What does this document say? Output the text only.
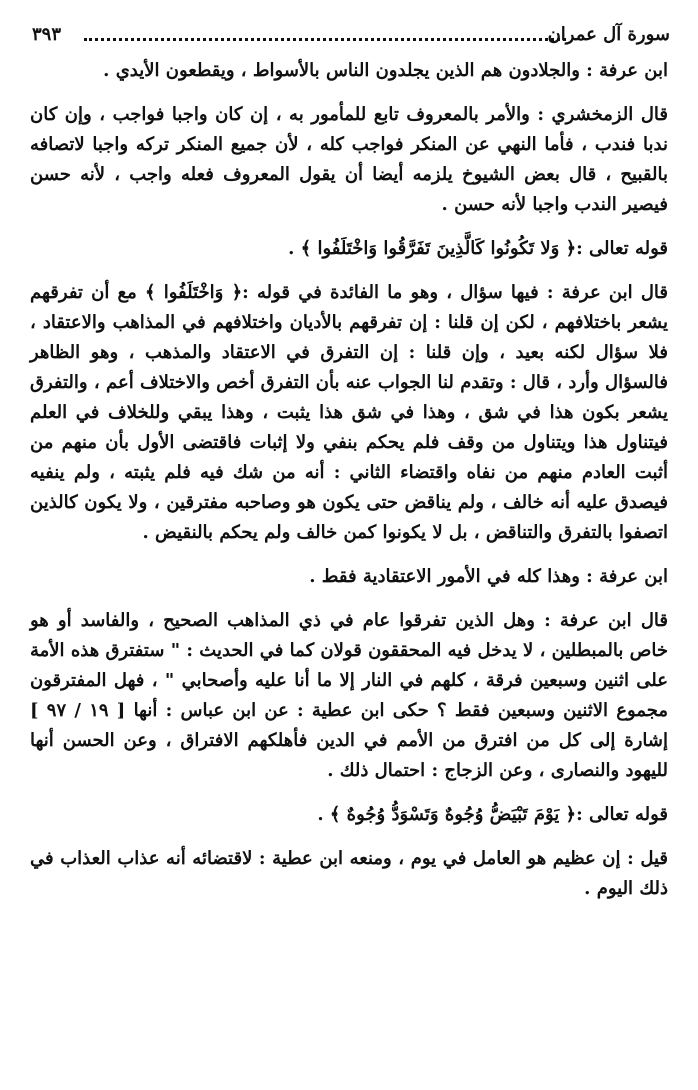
سورة آل عمران
٣٩٣

ابن عرفة : والجلادون هم الذين يجلدون الناس بالأسواط ، ويقطعون الأيدي .

قال الزمخشري : والأمر بالمعروف تابع للمأمور به ، إن كان واجبا فواجب ، وإن كان ندبا فندب ، فأما النهي عن المنكر فواجب كله ، لأن جميع المنكر تركه واجبا لاتصافه بالقبيح ، قال بعض الشيوخ يلزمه أيضا أن يقول المعروف فعله واجب ، لأنه حسن فيصير الندب واجبا لأنه حسن .

قوله تعالى :﴿ وَلا تَكُونُوا كَالَّذِينَ تَفَرَّقُوا وَاخْتَلَفُوا ﴾ .

قال ابن عرفة : فيها سؤال ، وهو ما الفائدة في قوله :﴿ وَاخْتَلَفُوا ﴾ مع أن تفرقهم يشعر باختلافهم ، لكن إن قلنا : إن تفرقهم بالأديان واختلافهم في المذاهب والاعتقاد ، فلا سؤال لكنه بعيد ، وإن قلنا : إن التفرق في الاعتقاد والمذهب ، وهو الظاهر فالسؤال وأرد ، قال : وتقدم لنا الجواب عنه بأن التفرق أخص والاختلاف أعم ، والتفرق يشعر بكون هذا في شق ، وهذا في شق هذا يثبت ، وهذا يبقي وللخلاف في العلم فيتناول هذا ويتناول من وقف فلم يحكم بنفي ولا إثبات فاقتضى الأول بأن منهم من أثبت العادم منهم من نفاه واقتضاء الثاني : أنه من شك فيه فلم يثبته ، ولم ينفيه فيصدق عليه أنه خالف ، ولم يناقض حتى يكون هو وصاحبه مفترقين ، ولا يكون كالذين اتصفوا بالتفرق والتناقض ، بل لا يكونوا كمن خالف ولم يحكم بالنقيض .

ابن عرفة : وهذا كله في الأمور الاعتقادية فقط .

قال ابن عرفة : وهل الذين تفرقوا عام في ذي المذاهب الصحيح ، والفاسد أو هو خاص بالمبطلين ، لا يدخل فيه المحققون قولان كما في الحديث : " ستفترق هذه الأمة على اثنين وسبعين فرقة ، كلهم في النار إلا ما أنا عليه وأصحابي " ، فهل المفترقون مجموع الاثنين وسبعين فقط ؟ حكى ابن عطية : عن ابن عباس : أنها [ ١٩ / ٩٧ ] إشارة إلى كل من افترق من الأمم في الدين فأهلكهم الافتراق ، وعن الحسن أنها لليهود والنصارى ، وعن الزجاج : احتمال ذلك .

قوله تعالى :﴿ يَوْمَ تَبْيَضُّ وُجُوهٌ وَتَسْوَدُّ وُجُوهٌ ﴾ .

قيل : إن عظيم هو العامل في يوم ، ومنعه ابن عطية : لاقتضائه أنه عذاب العذاب في ذلك اليوم .
